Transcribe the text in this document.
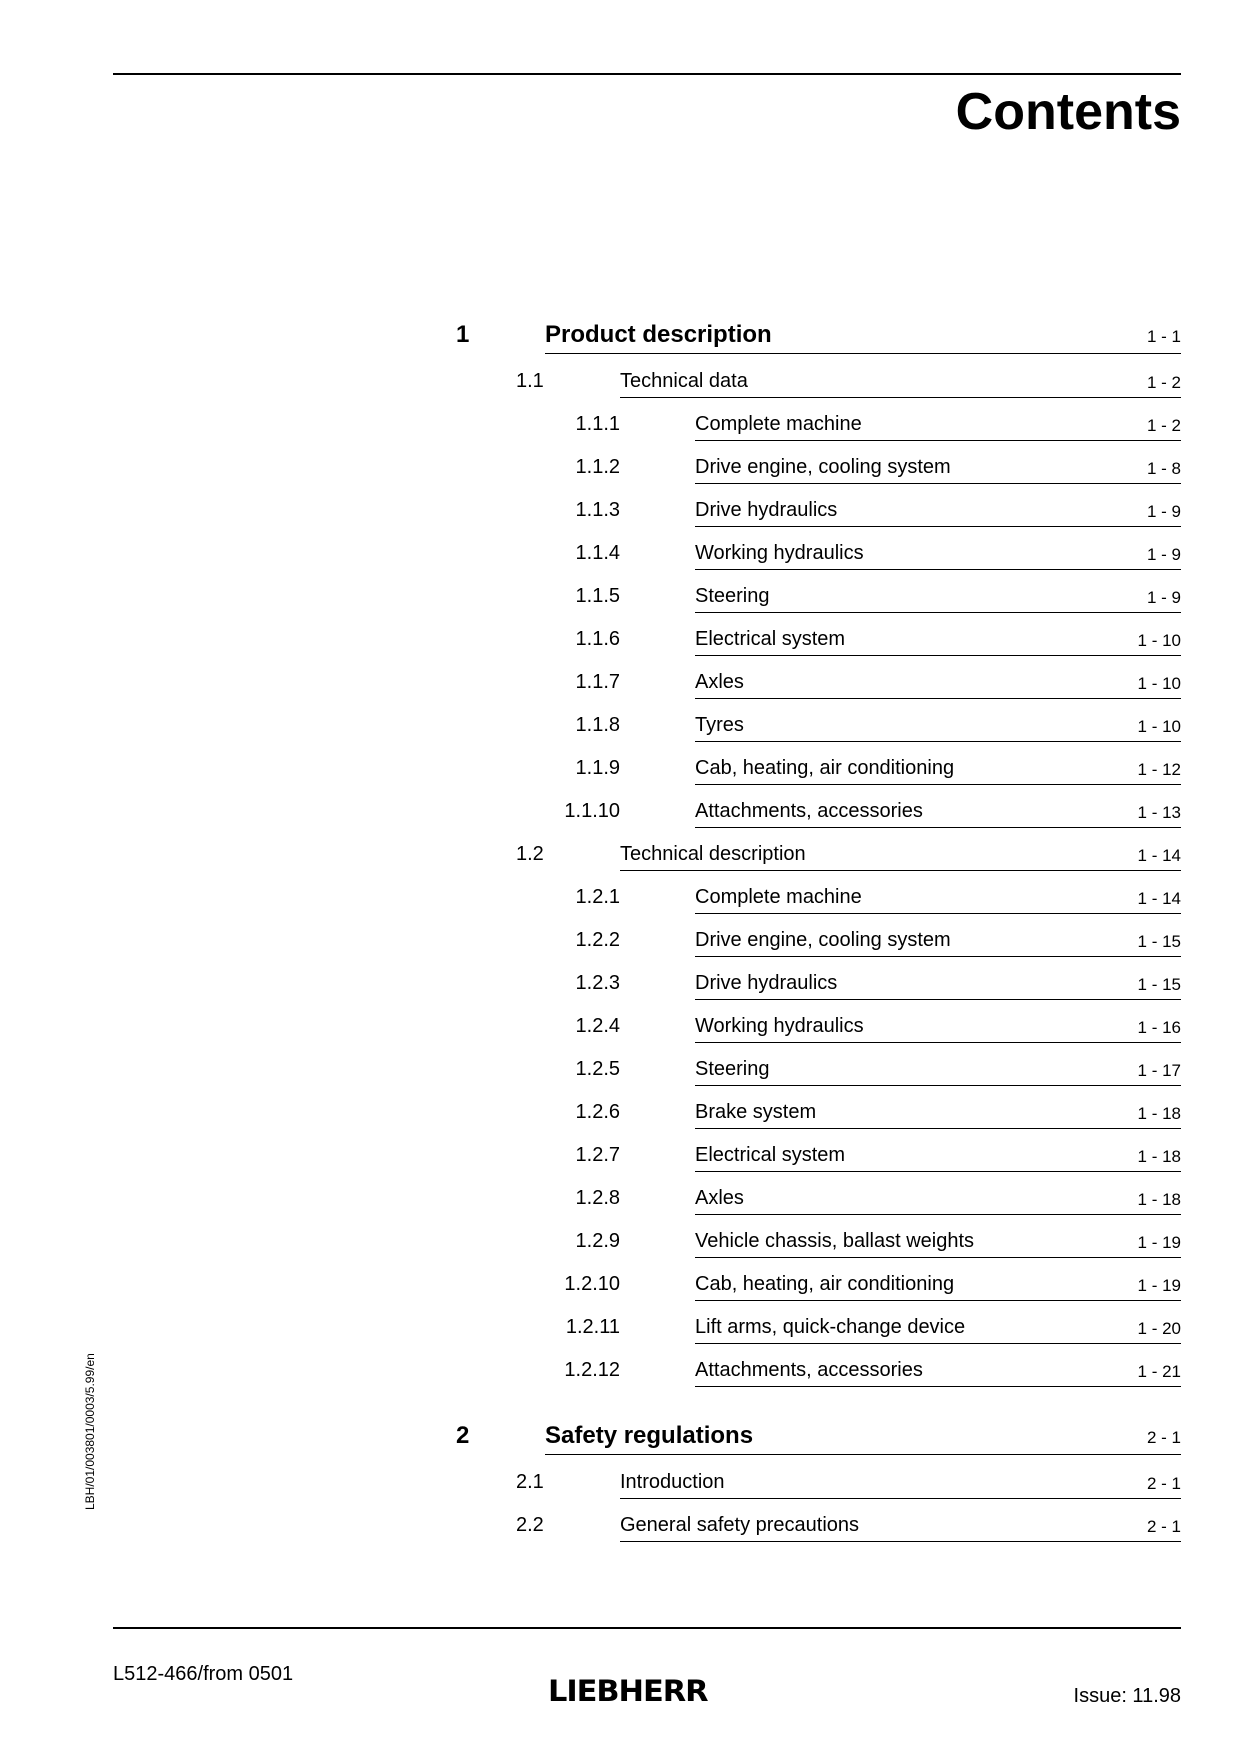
Contents
LBH/01/003801/0003/5.99/en
1	Product description	1 - 1
1.1	Technical data	1 - 2
1.1.1	Complete machine	1 - 2
1.1.2	Drive engine, cooling system	1 - 8
1.1.3	Drive hydraulics	1 - 9
1.1.4	Working hydraulics	1 - 9
1.1.5	Steering	1 - 9
1.1.6	Electrical system	1 - 10
1.1.7	Axles	1 - 10
1.1.8	Tyres	1 - 10
1.1.9	Cab, heating, air conditioning	1 - 12
1.1.10	Attachments, accessories	1 - 13
1.2	Technical description	1 - 14
1.2.1	Complete machine	1 - 14
1.2.2	Drive engine, cooling system	1 - 15
1.2.3	Drive hydraulics	1 - 15
1.2.4	Working hydraulics	1 - 16
1.2.5	Steering	1 - 17
1.2.6	Brake system	1 - 18
1.2.7	Electrical system	1 - 18
1.2.8	Axles	1 - 18
1.2.9	Vehicle chassis, ballast weights	1 - 19
1.2.10	Cab, heating, air conditioning	1 - 19
1.2.11	Lift arms, quick-change device	1 - 20
1.2.12	Attachments, accessories	1 - 21
2	Safety regulations	2 - 1
2.1	Introduction	2 - 1
2.2	General safety precautions	2 - 1
L512-466/from 0501	LIEBHERR	Issue: 11.98
